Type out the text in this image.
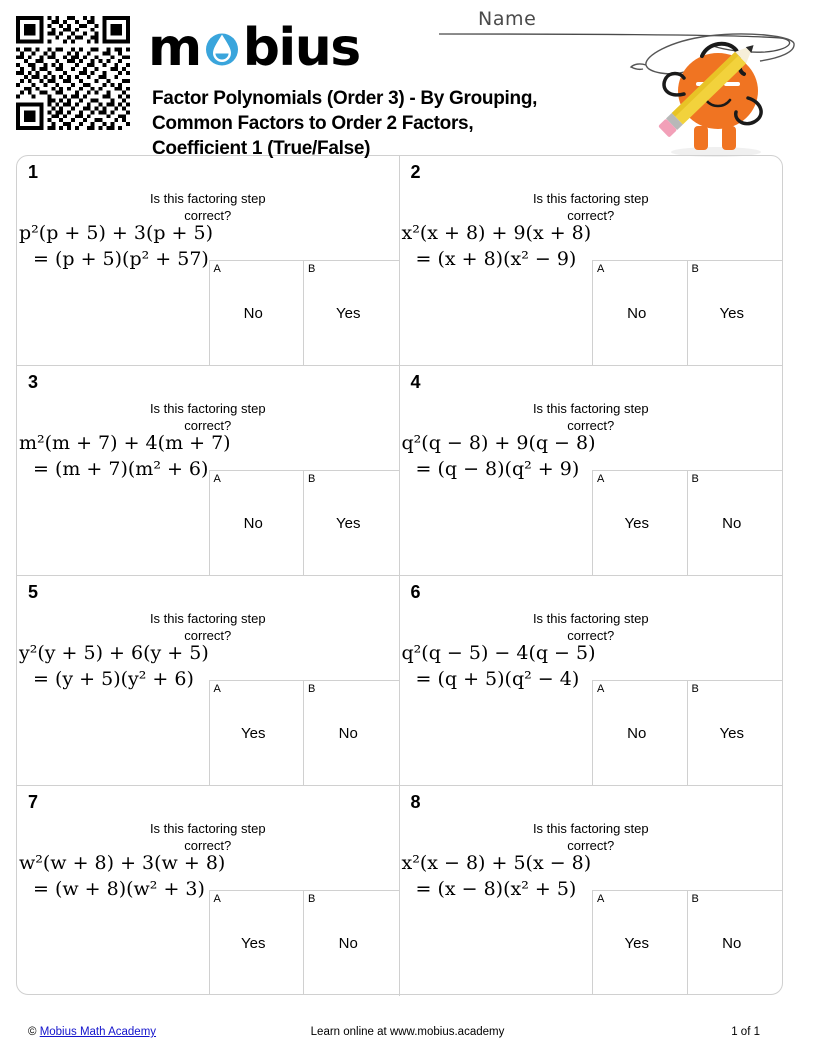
m bius
Factor Polynomials (Order 3) - By Grouping, Common Factors to Order 2 Factors, Coefficient 1 (True/False)
Name
1
Is this factoring step correct?
p²(p + 5) + 3(p + 5)
= (p + 5)(p² + 57) A
No
B
Yes
2
Is this factoring step correct?
x²(x + 8) + 9(x + 8)
= (x + 8)(x² − 9)	A
No
B
Yes
3
Is this factoring step correct?
m²(m + 7) + 4(m + 7)
= (m + 7)(m² + 6) A
No
B
Yes
4
Is this factoring step correct?
q²(q − 8) + 9(q − 8)
= (q − 8)(q² + 9)	A
Yes
B
No
5
Is this factoring step correct?
y²(y + 5) + 6(y + 5)
= (y + 5)(y² + 6)	A
Yes
B
No
6
Is this factoring step correct?
q²(q − 5) − 4(q − 5)
= (q + 5)(q² − 4)	A
No
B
Yes
7
Is this factoring step correct?
w²(w + 8) + 3(w + 8)
= (w + 8)(w² + 3) A
Yes
B
No
8
Is this factoring step correct?
x²(x − 8) + 5(x − 8)
= (x − 8)(x² + 5)	A
Yes
B
No
© Mobius Math Academy	Learn online at www.mobius.academy	1 of 1
